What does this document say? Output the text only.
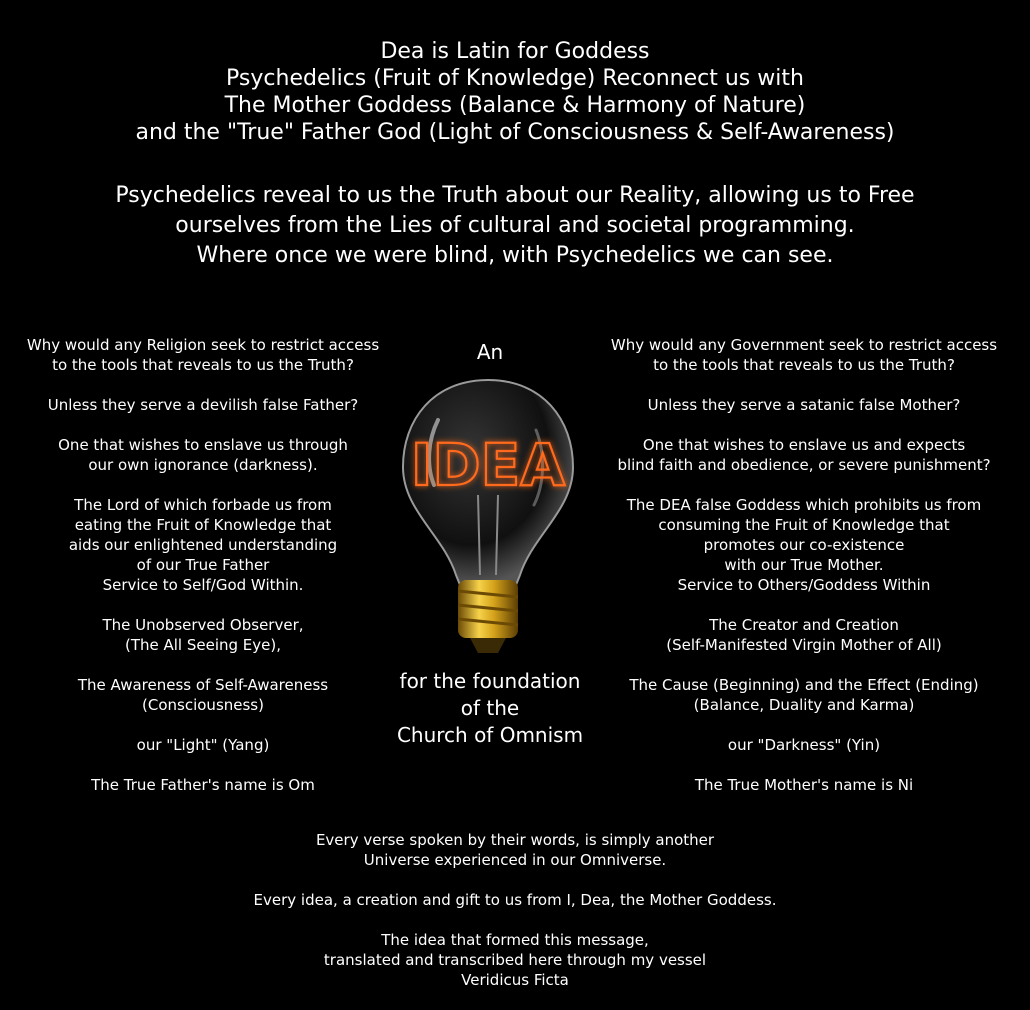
Dea is Latin for Goddess
Psychedelics (Fruit of Knowledge) Reconnect us with
The Mother Goddess (Balance & Harmony of Nature)
and the "True" Father God (Light of Consciousness & Self-Awareness)
Psychedelics reveal to us the Truth about our Reality, allowing us to Free
ourselves from the Lies of cultural and societal programming.
Where once we were blind, with Psychedelics we can see.
Why would any Religion seek to restrict access
to the tools that reveals to us the Truth?
Unless they serve a devilish false Father?
One that wishes to enslave us through
our own ignorance (darkness).
The Lord of which forbade us from
eating the Fruit of Knowledge that
aids our enlightened understanding
of our True Father
Service to Self/God Within.
The Unobserved Observer,
(The All Seeing Eye),
The Awareness of Self-Awareness
(Consciousness)
our "Light" (Yang)
The True Father's name is Om
Why would any Government seek to restrict access
to the tools that reveals to us the Truth?
Unless they serve a satanic false Mother?
One that wishes to enslave us and expects
blind faith and obedience, or severe punishment?
The DEA false Goddess which prohibits us from
consuming the Fruit of Knowledge that
promotes our co-existence
with our True Mother.
Service to Others/Goddess Within
The Creator and Creation
(Self-Manifested Virgin Mother of All)
The Cause (Beginning) and the Effect (Ending)
(Balance, Duality and Karma)
our "Darkness" (Yin)
The True Mother's name is Ni
An
IDEA
for the foundation
of the
Church of Omnism
Every verse spoken by their words, is simply another
Universe experienced in our Omniverse.
Every idea, a creation and gift to us from I, Dea, the Mother Goddess.
The idea that formed this message,
translated and transcribed here through my vessel
Veridicus Ficta
